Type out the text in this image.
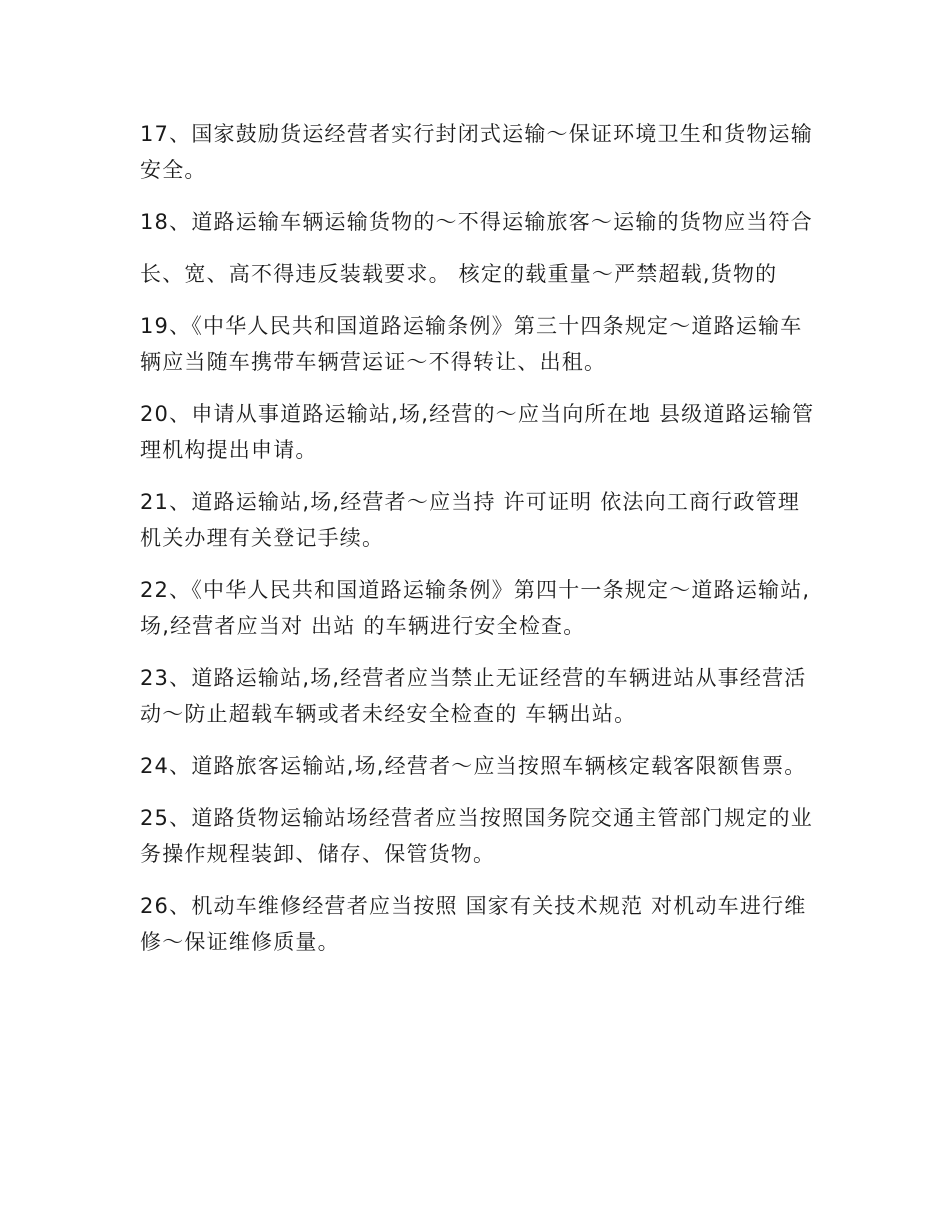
17、国家鼓励货运经营者实行封闭式运输～保证环境卫生和货物运输安全。

18、道路运输车辆运输货物的～不得运输旅客～运输的货物应当符合

长、宽、高不得违反装载要求。 核定的载重量～严禁超载,货物的

19、《中华人民共和国道路运输条例》第三十四条规定～道路运输车辆应当随车携带车辆营运证～不得转让、出租。

20、申请从事道路运输站,场,经营的～应当向所在地 县级道路运输管理机构提出申请。

21、道路运输站,场,经营者～应当持 许可证明 依法向工商行政管理机关办理有关登记手续。

22、《中华人民共和国道路运输条例》第四十一条规定～道路运输站,场,经营者应当对 出站 的车辆进行安全检查。

23、道路运输站,场,经营者应当禁止无证经营的车辆进站从事经营活动～防止超载车辆或者未经安全检查的 车辆出站。

24、道路旅客运输站,场,经营者～应当按照车辆核定载客限额售票。

25、道路货物运输站场经营者应当按照国务院交通主管部门规定的业务操作规程装卸、储存、保管货物。

26、机动车维修经营者应当按照 国家有关技术规范 对机动车进行维修～保证维修质量。
